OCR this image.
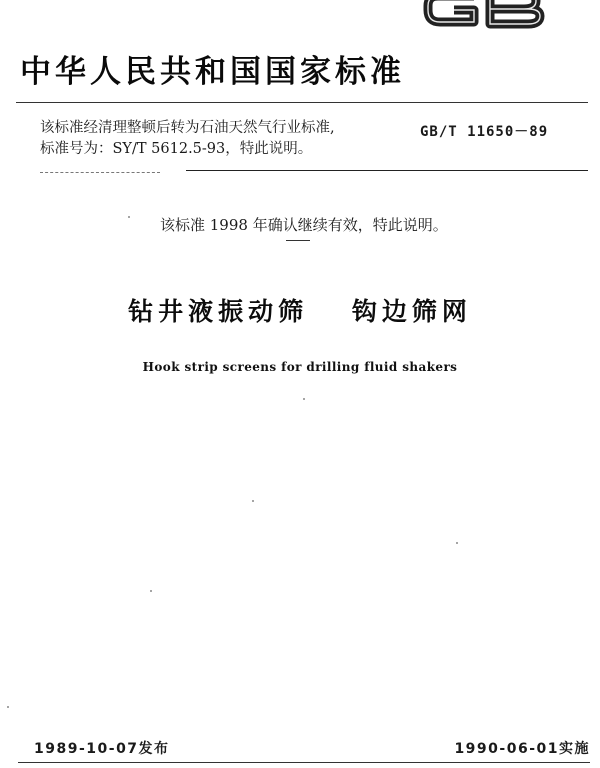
中华人民共和国国家标准
该标准经清理整顿后转为石油天然气行业标准,
标准号为：SY/T 5612.5-93，特此说明。
GB/T 11650－89
该标准 1998 年确认继续有效，特此说明。
钻井液振动筛　 钩边筛网
Hook strip screens for drilling fluid shakers
1989-10-07发布	1990-06-01实施
